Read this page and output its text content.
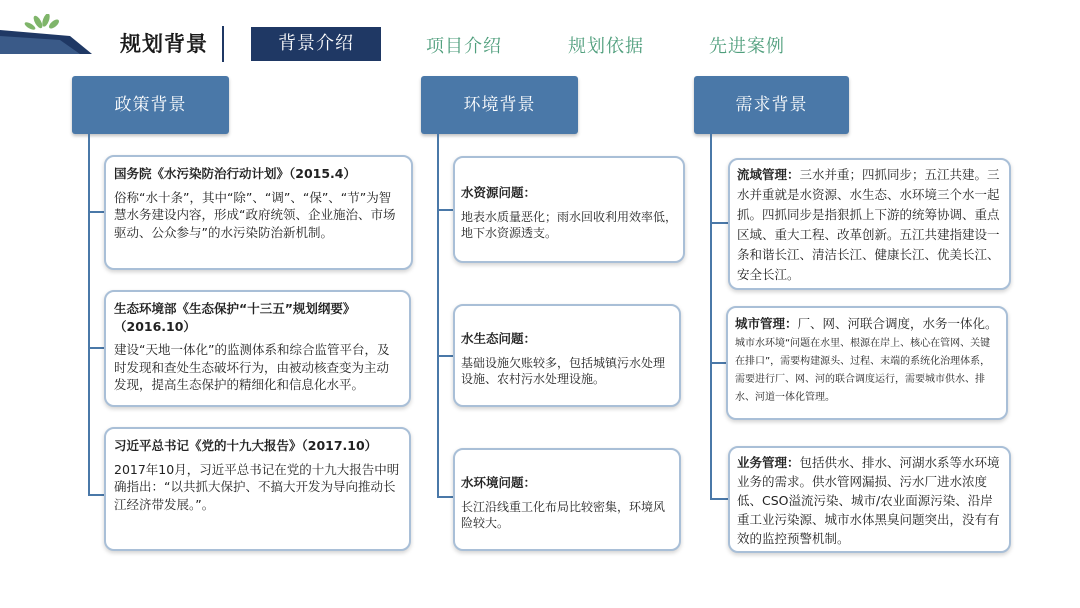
规划背景	背景介绍	项目介绍	规划依据	先进案例
政策背景	环境背景	需求背景
国务院《水污染防治行动计划》（2015.4）
俗称“水十条”，其中“除”、“调”、“保”、“节”为智慧水务建设内容，形成“政府统领、企业施治、市场驱动、公众参与”的水污染防治新机制。
生态环境部《生态保护“十三五”规划纲要》（2016.10）
建设“天地一体化”的监测体系和综合监管平台，及时发现和查处生态破坏行为，由被动核查变为主动发现，提高生态保护的精细化和信息化水平。
习近平总书记《党的十九大报告》（2017.10）
2017年10月，习近平总书记在党的十九大报告中明确指出：“以共抓大保护、不搞大开发为导向推动长江经济带发展。”。
水资源问题：
地表水质量恶化；雨水回收利用效率低，地下水资源透支。
水生态问题：
基础设施欠账较多，包括城镇污水处理设施、农村污水处理设施。
水环境问题：
长江沿线重工化布局比较密集，环境风险较大。
流域管理：三水并重；四抓同步；五江共建。三水并重就是水资源、水生态、水环境三个水一起抓。四抓同步是指狠抓上下游的统筹协调、重点区域、重大工程、改革创新。五江共建指建设一条和谐长江、清洁长江、健康长江、优美长江、安全长江。
城市管理：厂、网、河联合调度，水务一体化。
城市水环境“问题在水里、根源在岸上、核心在管网、关键在排口”，需要构建源头、过程、末端的系统化治理体系，需要进行厂、网、河的联合调度运行，需要城市供水、排水、河道一体化管理。
业务管理：包括供水、排水、河湖水系等水环境业务的需求。供水管网漏损、污水厂进水浓度低、CSO溢流污染、城市/农业面源污染、沿岸重工业污染源、城市水体黑臭问题突出，没有有效的监控预警机制。
